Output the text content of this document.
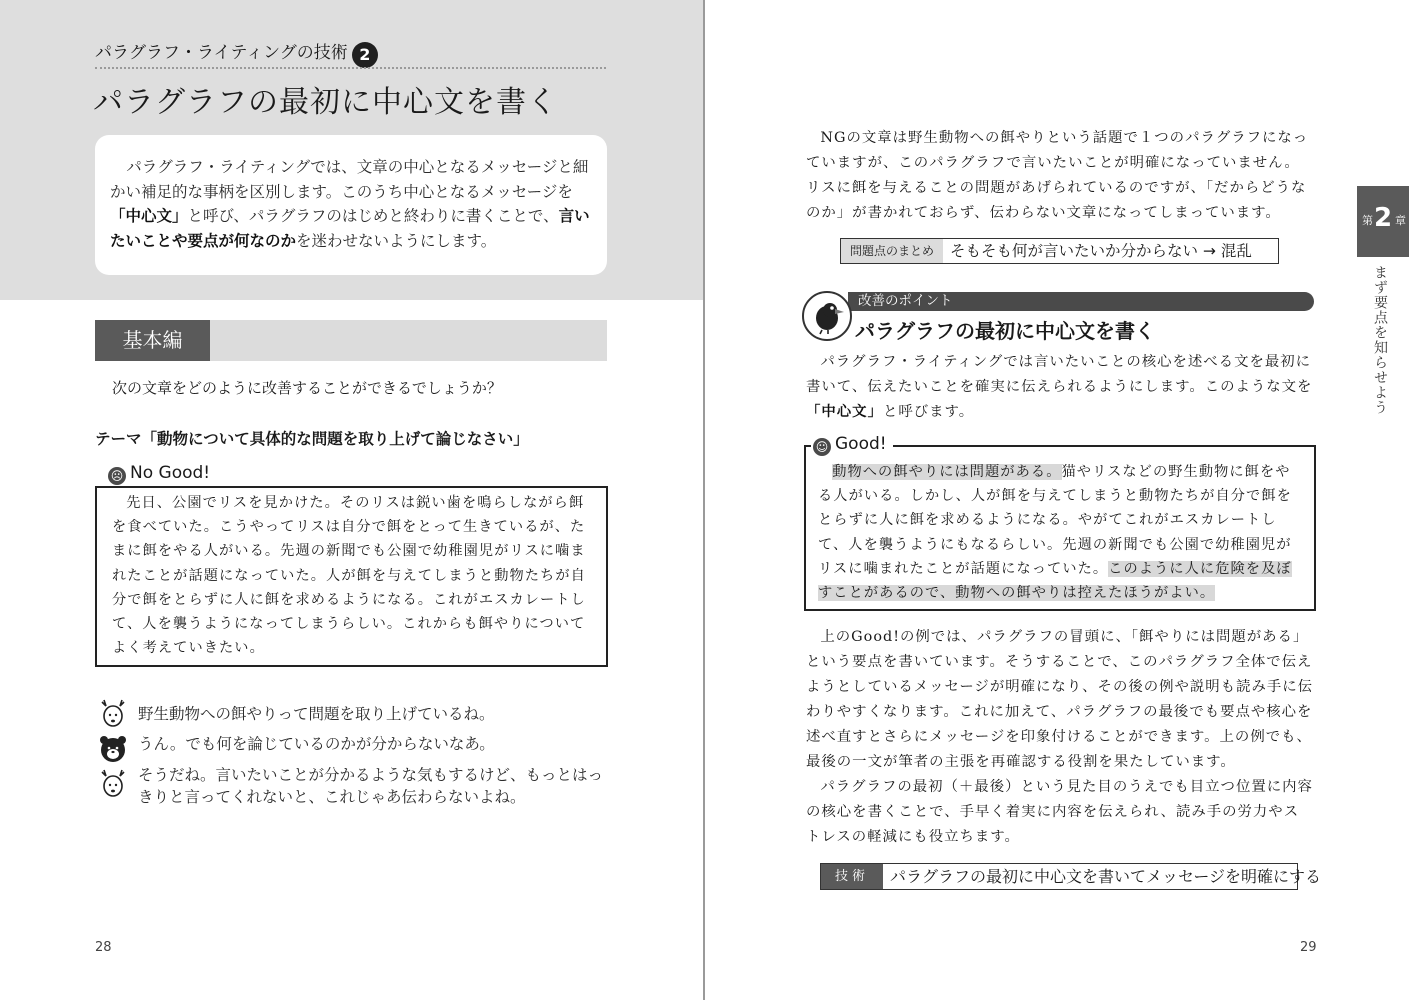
パラグラフ・ライティングの技術 2
パラグラフの最初に中心文を書く
パラグラフ・ライティングでは、文章の中心となるメッセージと細かい補足的な事柄を区別します。このうち中心となるメッセージを「中心文」と呼び、パラグラフのはじめと終わりに書くことで、言いたいことや要点が何なのかを迷わせないようにします。
基本編
次の文章をどのように改善することができるでしょうか？
テーマ「動物について具体的な問題を取り上げて論じなさい」
☹ No Good!
先日、公園でリスを見かけた。そのリスは鋭い歯を鳴らしながら餌を食べていた。こうやってリスは自分で餌をとって生きているが、たまに餌をやる人がいる。先週の新聞でも公園で幼稚園児がリスに噛まれたことが話題になっていた。人が餌を与えてしまうと動物たちが自分で餌をとらずに人に餌を求めるようになる。これがエスカレートして、人を襲うようになってしまうらしい。これからも餌やりについてよく考えていきたい。
野生動物への餌やりって問題を取り上げているね。
うん。でも何を論じているのかが分からないなあ。
そうだね。言いたいことが分かるような気もするけど、もっとはっきりと言ってくれないと、これじゃあ伝わらないよね。
28
NGの文章は野生動物への餌やりという話題で１つのパラグラフになっていますが、このパラグラフで言いたいことが明確になっていません。リスに餌を与えることの問題があげられているのですが、「だからどうなのか」が書かれておらず、伝わらない文章になってしまっています。
問題点のまとめ	そもそも何が言いたいか分からない → 混乱
改善のポイント
パラグラフの最初に中心文を書く
パラグラフ・ライティングでは言いたいことの核心を述べる文を最初に書いて、伝えたいことを確実に伝えられるようにします。このような文を「中心文」と呼びます。
☺ Good!
動物への餌やりには問題がある。猫やリスなどの野生動物に餌をやる人がいる。しかし、人が餌を与えてしまうと動物たちが自分で餌をとらずに人に餌を求めるようになる。やがてこれがエスカレートして、人を襲うようにもなるらしい。先週の新聞でも公園で幼稚園児がリスに噛まれたことが話題になっていた。このように人に危険を及ぼすことがあるので、動物への餌やりは控えたほうがよい。

上のGood!の例では、パラグラフの冒頭に、「餌やりには問題がある」という要点を書いています。そうすることで、このパラグラフ全体で伝えようとしているメッセージが明確になり、その後の例や説明も読み手に伝わりやすくなります。これに加えて、パラグラフの最後でも要点や核心を述べ直すとさらにメッセージを印象付けることができます。上の例でも、最後の一文が筆者の主張を再確認する役割を果たしています。

パラグラフの最初（＋最後）という見た目のうえでも目立つ位置に内容の核心を書くことで、手早く着実に内容を伝えられ、読み手の労力やストレスの軽減にも役立ちます。

技術	パラグラフの最初に中心文を書いてメッセージを明確にする
第 2 章
まず要点を知らせよう
29
